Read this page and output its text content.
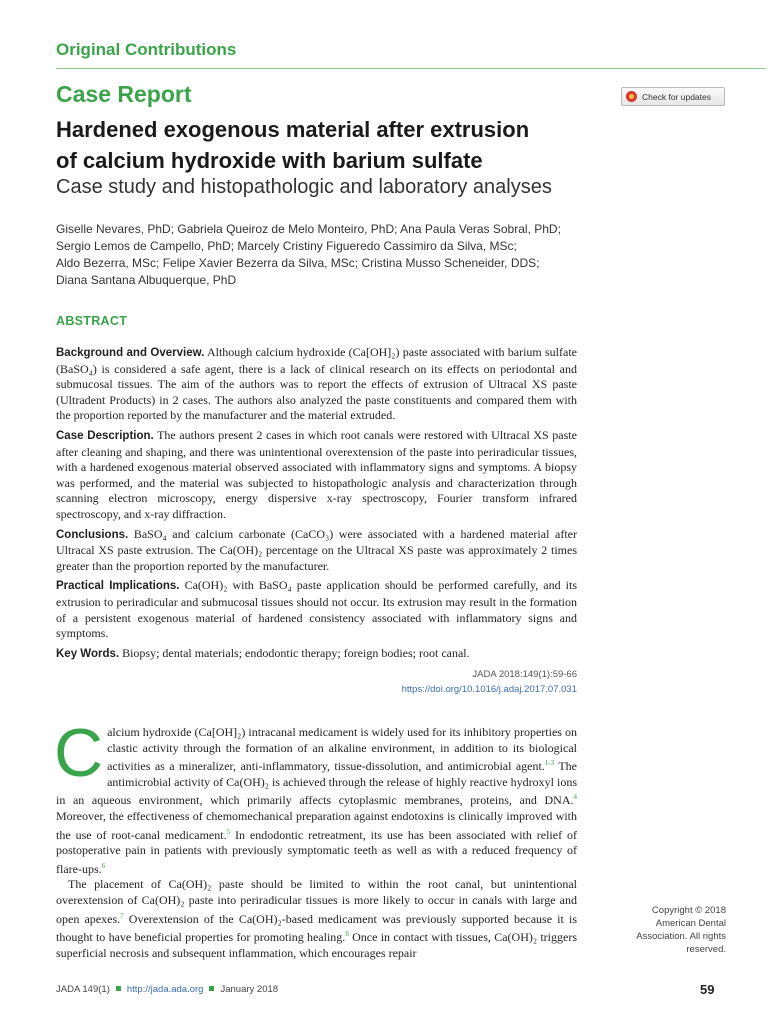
Original Contributions
Case Report	Check for updates
Hardened exogenous material after extrusion
of calcium hydroxide with barium sulfate
Case study and histopathologic and laboratory analyses
Giselle Nevares, PhD; Gabriela Queiroz de Melo Monteiro, PhD; Ana Paula Veras Sobral, PhD;
Sergio Lemos de Campello, PhD; Marcely Cristiny Figueredo Cassimiro da Silva, MSc;
Aldo Bezerra, MSc; Felipe Xavier Bezerra da Silva, MSc; Cristina Musso Scheneider, DDS;
Diana Santana Albuquerque, PhD
ABSTRACT

Background and Overview. Although calcium hydroxide (Ca[OH]₂) paste associated with barium sulfate (BaSO₄) is considered a safe agent, there is a lack of clinical research on its effects on periodontal and submucosal tissues. The aim of the authors was to report the effects of extrusion of Ultracal XS paste (Ultradent Products) in 2 cases. The authors also analyzed the paste constituents and compared them with the proportion reported by the manufacturer and the material extruded.

Case Description. The authors present 2 cases in which root canals were restored with Ultracal XS paste after cleaning and shaping, and there was unintentional overextension of the paste into periradicular tissues, with a hardened exogenous material observed associated with inflammatory signs and symptoms. A biopsy was performed, and the material was subjected to histopathologic analysis and characterization through scanning electron microscopy, energy dispersive x-ray spectroscopy, Fourier transform infrared spectroscopy, and x-ray diffraction.

Conclusions. BaSO₄ and calcium carbonate (CaCO₃) were associated with a hardened material after Ultracal XS paste extrusion. The Ca(OH)₂ percentage on the Ultracal XS paste was approximately 2 times greater than the proportion reported by the manufacturer.

Practical Implications. Ca(OH)₂ with BaSO₄ paste application should be performed carefully, and its extrusion to periradicular and submucosal tissues should not occur. Its extrusion may result in the formation of a persistent exogenous material of hardened consistency associated with inflammatory signs and symptoms.

Key Words. Biopsy; dental materials; endodontic therapy; foreign bodies; root canal.

JADA 2018:149(1):59-66
https://doi.org/10.1016/j.adaj.2017.07.031

Calcium hydroxide (Ca[OH]₂) intracanal medicament is widely used for its inhibitory properties on clastic activity through the formation of an alkaline environment, in addition to its biological activities as a mineralizer, anti-inflammatory, tissue-dissolution, and antimicrobial agent.$^{1-3}$ The antimicrobial activity of Ca(OH)₂ is achieved through the release of highly reactive hydroxyl ions in an aqueous environment, which primarily affects cytoplasmic membranes, proteins, and DNA.$^4$ Moreover, the effectiveness of chemomechanical preparation against endotoxins is clinically improved with the use of root-canal medicament.$^5$ In endodontic retreatment, its use has been associated with relief of postoperative pain in patients with previously symptomatic teeth as well as with a reduced frequency of flare-ups.$^6$

The placement of Ca(OH)₂ paste should be limited to within the root canal, but unintentional overextension of Ca(OH)₂ paste into periradicular tissues is more likely to occur in canals with large and open apexes.$^7$ Overextension of the Ca(OH)₂-based medicament was previously supported because it is thought to have beneficial properties for promoting healing.$^8$ Once in contact with tissues, Ca(OH)₂ triggers superficial necrosis and subsequent inflammation, which encourages repair

Copyright © 2018
American Dental
Association. All rights
reserved.
JADA 149(1) http://jada.ada.org January 2018	59
